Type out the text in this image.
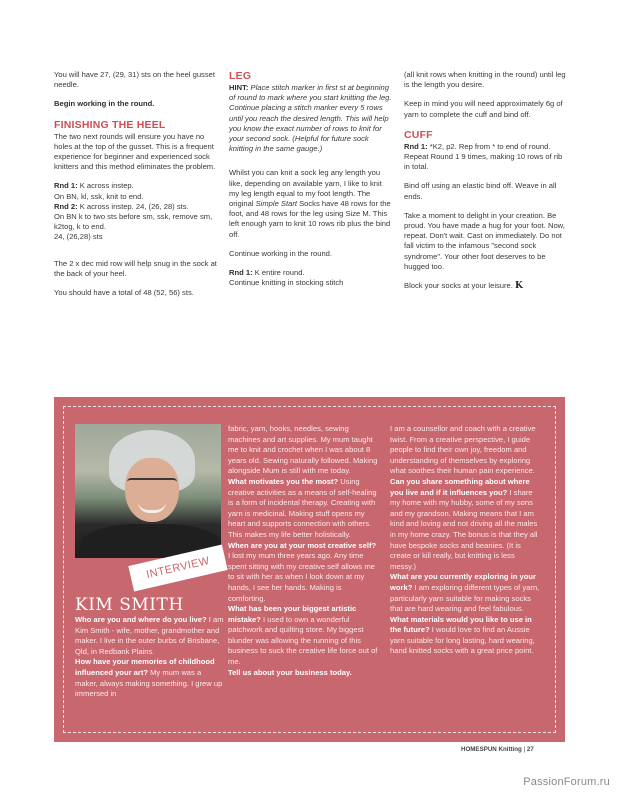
You will have 27, (29, 31) sts on the heel gusset needle.

Begin working in the round.

FINISHING THE HEEL

The two next rounds will ensure you have no holes at the top of the gusset. This is a frequent experience for beginner and experienced sock knitters and this method eliminates the problem.

Rnd 1: K across instep.

On BN, kl, ssk, knit to end.

Rnd 2: K across instep. 24, (26, 28) sts.

On BN k to two sts before sm, ssk, remove sm, k2tog, k to end.

24, (26,28) sts

The 2 x dec mid row will help snug in the sock at the back of your heel.

You should have a total of 48 (52, 56) sts.

LEG

HINT: Place stitch marker in first st at beginning of round to mark where you start knitting the leg. Continue placing a stitch marker every 5 rows until you reach the desired length. This will help you know the exact number of rows to knit for your second sock. (Helpful for future sock knitting in the same gauge.)

Whilst you can knit a sock leg any length you like, depending on available yarn, I like to knit my leg length equal to my foot length. The original Simple Start Socks have 48 rows for the foot, and 48 rows for the leg using Size M. This left enough yarn to knit 10 rows rib plus the bind off.

Continue working in the round.

Rnd 1: K entire round.

Continue knitting in stocking stitch

(all knit rows when knitting in the round) until leg is the length you desire.

Keep in mind you will need approximately 6g of yarn to complete the cuff and bind off.

CUFF

Rnd 1: *K2, p2. Rep from * to end of round. Repeat Round 1 9 times, making 10 rows of rib in total.

Bind off using an elastic bind off. Weave in all ends.

Take a moment to delight in your creation. Be proud. You have made a hug for your foot. Now, repeat. Don't wait. Cast on immediately. Do not fall victim to the infamous "second sock syndrome". Your other foot deserves to be hugged too.

Block your socks at your leisure. K

INTERVIEW
KIM SMITH

Who are you and where do you live? I am Kim Smith - wife, mother, grandmother and maker. I live in the outer burbs of Brisbane, Qld, in Redbank Plains.

How have your memories of childhood influenced your art? My mum was a maker, always making something. I grew up immersed in

fabric, yarn, hooks, needles, sewing machines and art supplies. My mum taught me to knit and crochet when I was about 8 years old. Sewing naturally followed. Making alongside Mum is still with me today.

What motivates you the most? Using creative activities as a means of self-healing is a form of incidental therapy. Creating with yarn is medicinal. Making stuff opens my heart and supports connection with others. This makes my life better holistically.

When are you at your most creative self? I lost my mum three years ago. Any time spent sitting with my creative self allows me to sit with her as when I look down at my hands, I see her hands. Making is comforting.

What has been your biggest artistic mistake? I used to own a wonderful patchwork and quilting store. My biggest blunder was allowing the running of this business to suck the creative life force out of me.

Tell us about your business today.

I am a counsellor and coach with a creative twist. From a creative perspective, I guide people to find their own joy, freedom and understanding of themselves by exploring what soothes their human pain experience.

Can you share something about where you live and if it influences you? I share my home with my hubby, some of my sons and my grandson. Making means that I am kind and loving and not driving all the males in my home crazy. The bonus is that they all have bespoke socks and beanies. (It is create or kill really, but knitting is less messy.)

What are you currently exploring in your work? I am exploring different types of yarn, particularly yarn suitable for making socks that are hard wearing and feel fabulous.

What materials would you like to use in the future? I would love to find an Aussie yarn suitable for long lasting, hard wearing, hand knitted socks with a great price point.

HOMESPUN Knitting | 27
PassionForum.ru
